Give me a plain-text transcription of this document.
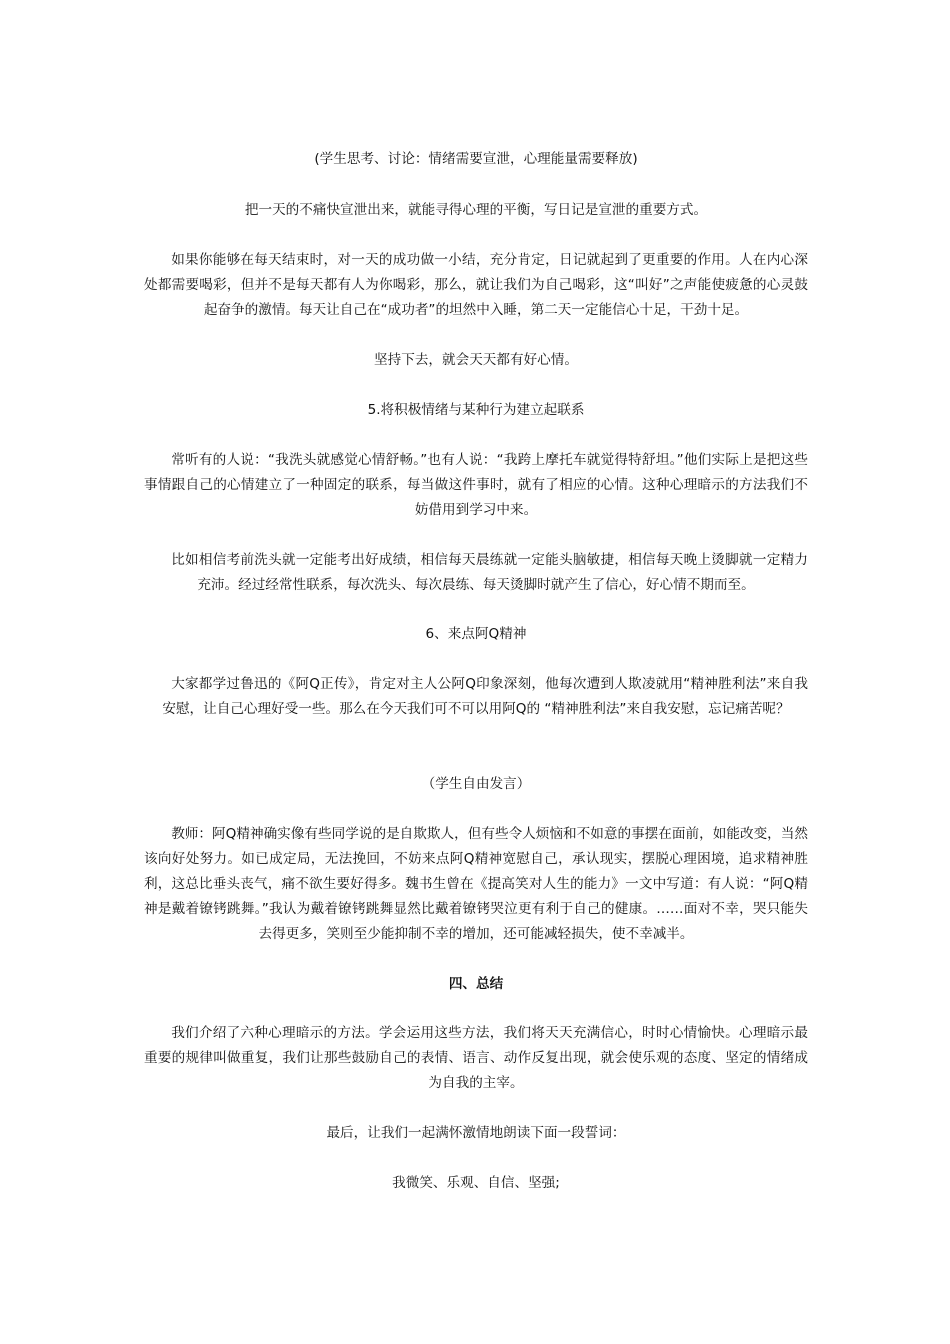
(学生思考、讨论：情绪需要宣泄，心理能量需要释放)

把一天的不痛快宣泄出来，就能寻得心理的平衡，写日记是宣泄的重要方式。

如果你能够在每天结束时，对一天的成功做一小结，充分肯定，日记就起到了更重要的作用。人在内心深处都需要喝彩，但并不是每天都有人为你喝彩，那么，就让我们为自己喝彩，这“叫好”之声能使疲惫的心灵鼓起奋争的激情。每天让自己在“成功者”的坦然中入睡，第二天一定能信心十足，干劲十足。

坚持下去，就会天天都有好心情。

5.将积极情绪与某种行为建立起联系

常听有的人说：“我洗头就感觉心情舒畅。”也有人说：“我跨上摩托车就觉得特舒坦。”他们实际上是把这些事情跟自己的心情建立了一种固定的联系，每当做这件事时，就有了相应的心情。这种心理暗示的方法我们不妨借用到学习中来。

比如相信考前洗头就一定能考出好成绩，相信每天晨练就一定能头脑敏捷，相信每天晚上烫脚就一定精力充沛。经过经常性联系，每次洗头、每次晨练、每天烫脚时就产生了信心，好心情不期而至。

6、来点阿Q精神

大家都学过鲁迅的《阿Q正传》，肯定对主人公阿Q印象深刻，他每次遭到人欺凌就用“精神胜利法”来自我安慰，让自己心理好受一些。那么在今天我们可不可以用阿Q的 “精神胜利法”来自我安慰，忘记痛苦呢？

（学生自由发言）

教师：阿Q精神确实像有些同学说的是自欺欺人，但有些令人烦恼和不如意的事摆在面前，如能改变，当然该向好处努力。如已成定局，无法挽回，不妨来点阿Q精神宽慰自己，承认现实，摆脱心理困境，追求精神胜利，这总比垂头丧气，痛不欲生要好得多。魏书生曾在《提高笑对人生的能力》一文中写道：有人说：“阿Q精神是戴着镣铐跳舞。”我认为戴着镣铐跳舞显然比戴着镣铐哭泣更有利于自己的健康。……面对不幸，哭只能失去得更多，笑则至少能抑制不幸的增加，还可能减轻损失，使不幸减半。

四、总结

我们介绍了六种心理暗示的方法。学会运用这些方法，我们将天天充满信心，时时心情愉快。心理暗示最重要的规律叫做重复，我们让那些鼓励自己的表情、语言、动作反复出现，就会使乐观的态度、坚定的情绪成为自我的主宰。

最后，让我们一起满怀激情地朗读下面一段誓词：

我微笑、乐观、自信、坚强;
